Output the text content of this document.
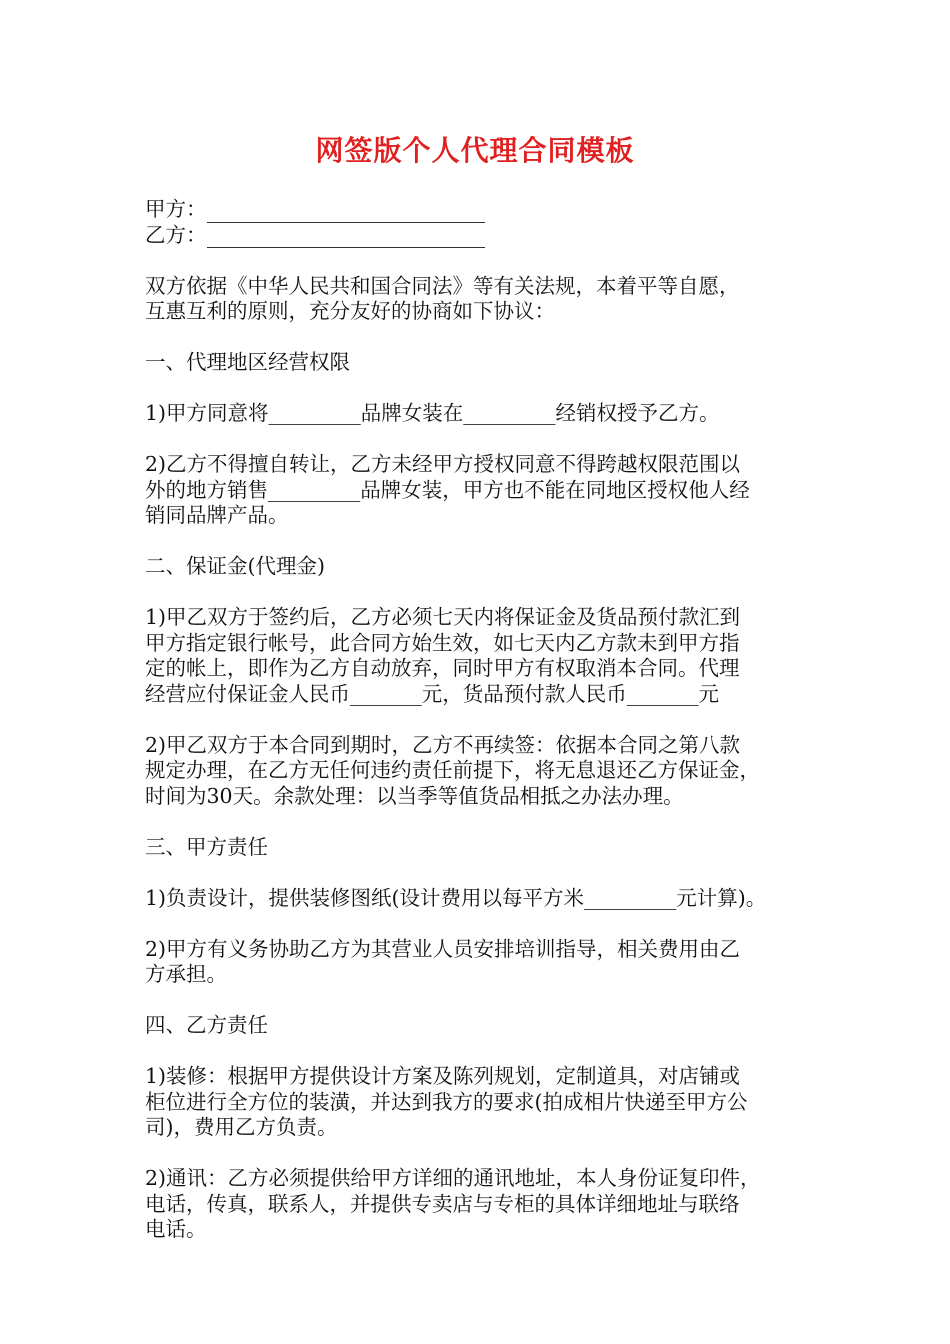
网签版个人代理合同模板
甲方：
乙方：
双方依据《中华人民共和国合同法》等有关法规，本着平等自愿，
互惠互利的原则，充分友好的协商如下协议：
一、代理地区经营权限
1)甲方同意将_________品牌女装在_________经销权授予乙方。
2)乙方不得擅自转让，乙方未经甲方授权同意不得跨越权限范围以
外的地方销售_________品牌女装，甲方也不能在同地区授权他人经
销同品牌产品。
二、保证金(代理金)
1)甲乙双方于签约后，乙方必须七天内将保证金及货品预付款汇到
甲方指定银行帐号，此合同方始生效，如七天内乙方款未到甲方指
定的帐上，即作为乙方自动放弃，同时甲方有权取消本合同。代理
经营应付保证金人民币_______元，货品预付款人民币_______元
2)甲乙双方于本合同到期时，乙方不再续签：依据本合同之第八款
规定办理，在乙方无任何违约责任前提下，将无息退还乙方保证金，
时间为30天。余款处理：以当季等值货品相抵之办法办理。
三、甲方责任
1)负责设计，提供装修图纸(设计费用以每平方米_________元计算)。
2)甲方有义务协助乙方为其营业人员安排培训指导，相关费用由乙
方承担。
四、乙方责任
1)装修：根据甲方提供设计方案及陈列规划，定制道具，对店铺或
柜位进行全方位的装潢，并达到我方的要求(拍成相片快递至甲方公
司)，费用乙方负责。
2)通讯：乙方必须提供给甲方详细的通讯地址，本人身份证复印件，
电话，传真，联系人，并提供专卖店与专柜的具体详细地址与联络
电话。
